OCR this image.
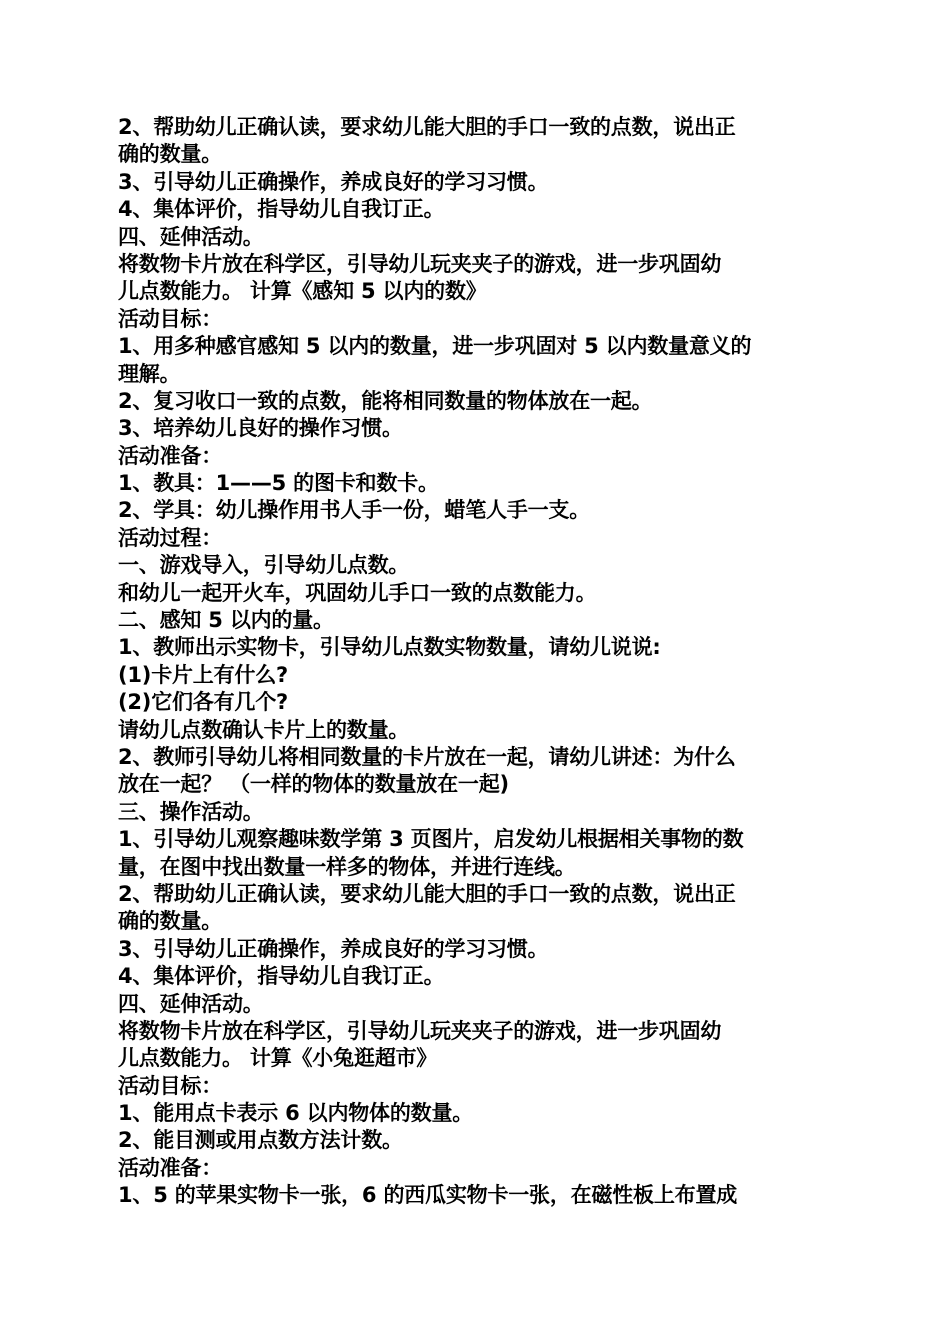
2、帮助幼儿正确认读，要求幼儿能大胆的手口一致的点数，说出正
确的数量。
3、引导幼儿正确操作，养成良好的学习习惯。
4、集体评价，指导幼儿自我订正。
四、延伸活动。
将数物卡片放在科学区，引导幼儿玩夹夹子的游戏，进一步巩固幼
儿点数能力。 计算《感知 5 以内的数》
活动目标：
1、用多种感官感知 5 以内的数量，进一步巩固对 5 以内数量意义的
理解。
2、复习收口一致的点数，能将相同数量的物体放在一起。
3、培养幼儿良好的操作习惯。
活动准备：
1、教具：1——5 的图卡和数卡。
2、学具：幼儿操作用书人手一份，蜡笔人手一支。
活动过程：
一、游戏导入，引导幼儿点数。
和幼儿一起开火车，巩固幼儿手口一致的点数能力。
二、感知 5 以内的量。
1、教师出示实物卡，引导幼儿点数实物数量，请幼儿说说:
(1)卡片上有什么?
(2)它们各有几个?
请幼儿点数确认卡片上的数量。
2、教师引导幼儿将相同数量的卡片放在一起，请幼儿讲述：为什么
放在一起？ （一样的物体的数量放在一起)
三、操作活动。
1、引导幼儿观察趣味数学第 3 页图片，启发幼儿根据相关事物的数
量，在图中找出数量一样多的物体，并进行连线。
2、帮助幼儿正确认读，要求幼儿能大胆的手口一致的点数，说出正
确的数量。
3、引导幼儿正确操作，养成良好的学习习惯。
4、集体评价，指导幼儿自我订正。
四、延伸活动。
将数物卡片放在科学区，引导幼儿玩夹夹子的游戏，进一步巩固幼
儿点数能力。 计算《小兔逛超市》
活动目标：
1、能用点卡表示 6 以内物体的数量。
2、能目测或用点数方法计数。
活动准备：
1、5 的苹果实物卡一张，6 的西瓜实物卡一张，在磁性板上布置成
